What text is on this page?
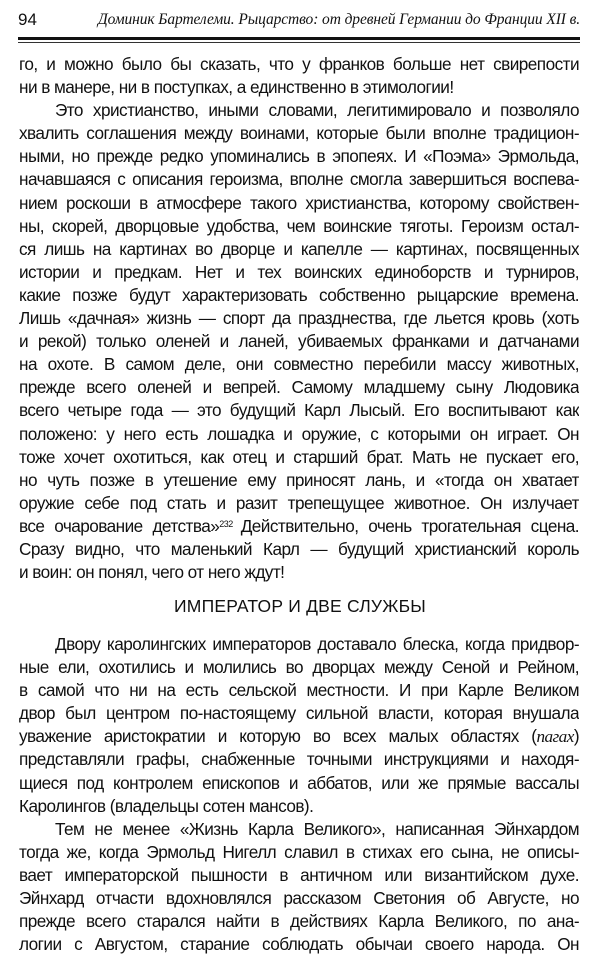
94	Доминик Бартелеми. Рыцарство: от древней Германии до Франции XII в.
го, и можно было бы сказать, что у франков больше нет свирепости
ни в манере, ни в поступках, а единственно в этимологии!
Это христианство, иными словами, легитимировало и позволяло
хвалить соглашения между воинами, которые были вполне традицион-
ными, но прежде редко упоминались в эпопеях. И «Поэма» Эрмольда,
начавшаяся с описания героизма, вполне смогла завершиться воспева-
нием роскоши в атмосфере такого христианства, которому свойствен-
ны, скорей, дворцовые удобства, чем воинские тяготы. Героизм остал-
ся лишь на картинах во дворце и капелле — картинах, посвященных
истории и предкам. Нет и тех воинских единоборств и турниров,
какие позже будут характеризовать собственно рыцарские времена.
Лишь «дачная» жизнь — спорт да празднества, где льется кровь (хоть
и рекой) только оленей и ланей, убиваемых франками и датчанами
на охоте. В самом деле, они совместно перебили массу животных,
прежде всего оленей и вепрей. Самому младшему сыну Людовика
всего четыре года — это будущий Карл Лысый. Его воспитывают как
положено: у него есть лошадка и оружие, с которыми он играет. Он
тоже хочет охотиться, как отец и старший брат. Мать не пускает его,
но чуть позже в утешение ему приносят лань, и «тогда он хватает
оружие себе под стать и разит трепещущее животное. Он излучает
все очарование детства»$^{232}$  Действительно, очень трогательная сцена.
Сразу видно, что маленький Карл — будущий христианский король
и воин: он понял, чего от него ждут!
ИМПЕРАТОР И ДВЕ СЛУЖБЫ
Двору каролингских императоров доставало блеска, когда придвор-
ные ели, охотились и молились во дворцах между Сеной и Рейном,
в самой что ни на есть сельской местности. И при Карле Великом
двор был центром по-настоящему сильной власти, которая внушала
уважение аристократии и которую во всех малых областях (пагах)
представляли графы, снабженные точными инструкциями и находя-
щиеся под контролем епископов и аббатов, или же прямые вассалы
Каролингов (владельцы сотен мансов).
Тем не менее «Жизнь Карла Великого», написанная Эйнхардом
тогда же, когда Эрмольд Нигелл славил в стихах его сына, не описы-
вает императорской пышности в античном или византийском духе.
Эйнхард отчасти вдохновлялся рассказом Светония об Августе, но
прежде всего старался найти в действиях Карла Великого, по ана-
логии с Августом, старание соблюдать обычаи своего народа. Он
